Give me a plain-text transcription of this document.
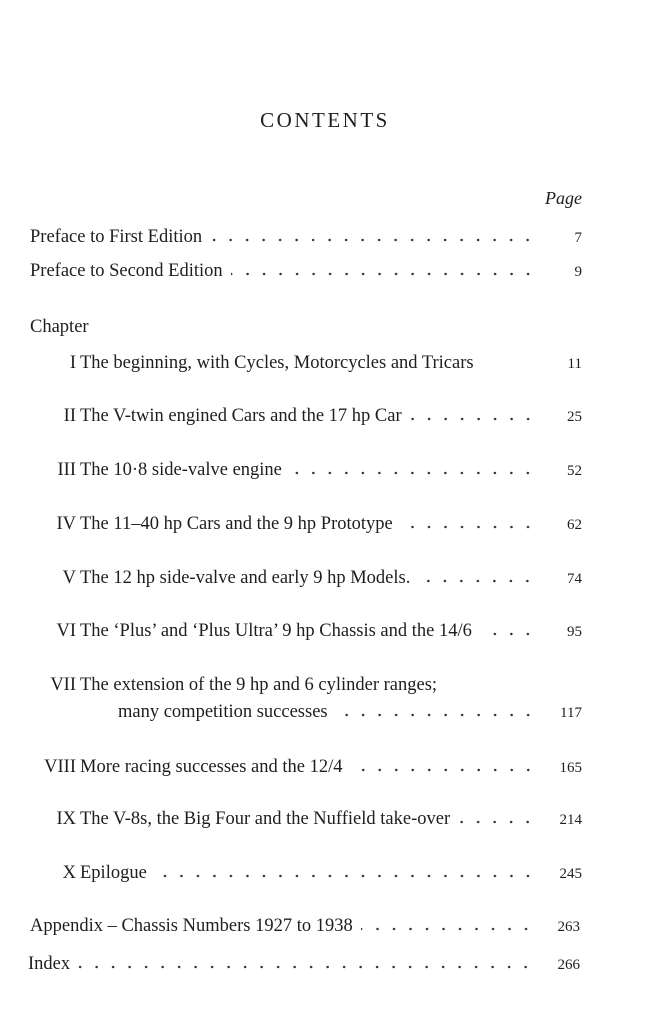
CONTENTS
Page
Preface to First Edition	7
Preface to Second Edition	9
Chapter
I The beginning, with Cycles, Motorcycles and Tricars	11
II The V-twin engined Cars and the 17 hp Car	25
III The 10·8 side-valve engine	52
IV The 11–40 hp Cars and the 9 hp Prototype	62
V The 12 hp side-valve and early 9 hp Models.	74
VI The ‘Plus’ and ‘Plus Ultra’ 9 hp Chassis and the 14/6	95
VII The extension of the 9 hp and 6 cylinder ranges;
many competition successes	117
VIII More racing successes and the 12/4	165
IX The V-8s, the Big Four and the Nuffield take-over	214
X Epilogue	245
Appendix – Chassis Numbers 1927 to 1938	263
Index	266
